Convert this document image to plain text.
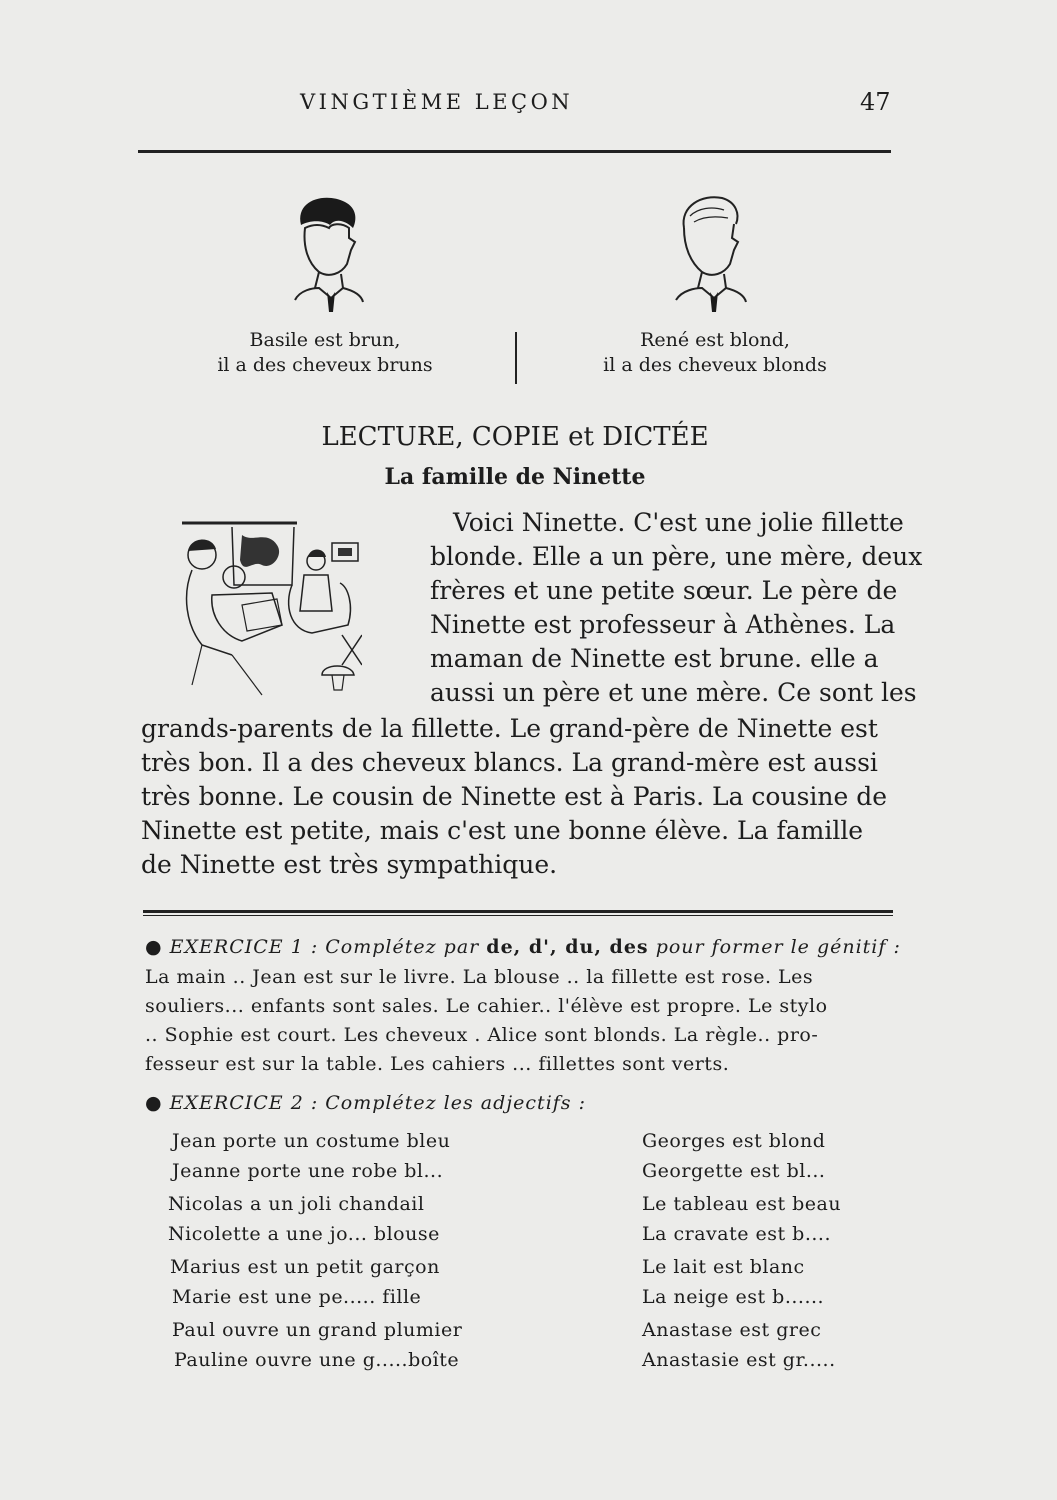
VINGTIÈME LEÇON	47
Basile est brun,
il a des cheveux bruns
René est blond,
il a des cheveux blonds
LECTURE, COPIE et DICTÉE
La famille de Ninette
Voici Ninette. C'est une jolie fillette
blonde. Elle a un père, une mère, deux
frères et une petite sœur. Le père de
Ninette est professeur à Athènes. La
maman de Ninette est brune. elle a
aussi un père et une mère. Ce sont les
grands-parents de la fillette. Le grand-père de Ninette est
très bon. Il a des cheveux blancs. La grand-mère est aussi
très bonne. Le cousin de Ninette est à Paris. La cousine de
Ninette est petite, mais c'est une bonne élève. La famille
de Ninette est très sympathique.
● EXERCICE 1 : Complétez par de, d', du, des pour former le génitif :
La main .. Jean est sur le livre. La blouse .. la fillette est rose. Les
souliers... enfants sont sales. Le cahier.. l'élève est propre. Le stylo
.. Sophie est court. Les cheveux . Alice sont blonds. La règle.. pro-
fesseur est sur la table. Les cahiers ... fillettes sont verts.
● EXERCICE 2 : Complétez les adjectifs :
Jean porte un costume bleu
Jeanne porte une robe bl...
Nicolas a un joli chandail
Nicolette a une jo... blouse
Marius est un petit garçon
Marie est une pe..... fille
Paul ouvre un grand plumier
Pauline ouvre une g.....boîte
Georges est blond
Georgette est bl...
Le tableau est beau
La cravate est b....
Le lait est blanc
La neige est b......
Anastase est grec
Anastasie est gr.....
